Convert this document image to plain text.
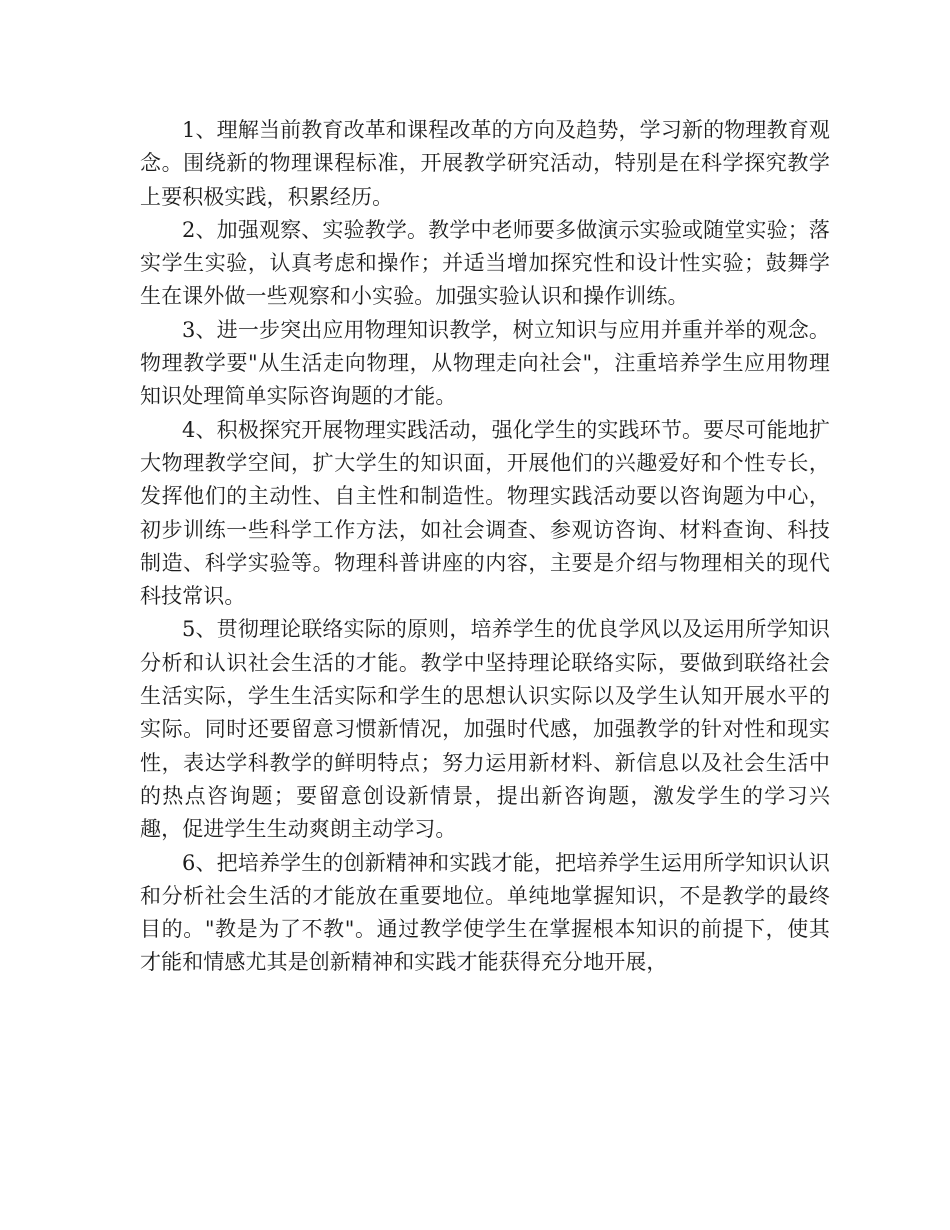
1、理解当前教育改革和课程改革的方向及趋势，学习新的物理教育观念。围绕新的物理课程标准，开展教学研究活动，特别是在科学探究教学上要积极实践，积累经历。

2、加强观察、实验教学。教学中老师要多做演示实验或随堂实验；落实学生实验，认真考虑和操作；并适当增加探究性和设计性实验；鼓舞学生在课外做一些观察和小实验。加强实验认识和操作训练。

3、进一步突出应用物理知识教学，树立知识与应用并重并举的观念。物理教学要"从生活走向物理，从物理走向社会"，注重培养学生应用物理知识处理简单实际咨询题的才能。

4、积极探究开展物理实践活动，强化学生的实践环节。要尽可能地扩大物理教学空间，扩大学生的知识面，开展他们的兴趣爱好和个性专长，发挥他们的主动性、自主性和制造性。物理实践活动要以咨询题为中心，初步训练一些科学工作方法，如社会调查、参观访咨询、材料查询、科技制造、科学实验等。物理科普讲座的内容，主要是介绍与物理相关的现代科技常识。

5、贯彻理论联络实际的原则，培养学生的优良学风以及运用所学知识分析和认识社会生活的才能。教学中坚持理论联络实际，要做到联络社会生活实际，学生生活实际和学生的思想认识实际以及学生认知开展水平的实际。同时还要留意习惯新情况，加强时代感，加强教学的针对性和现实性，表达学科教学的鲜明特点；努力运用新材料、新信息以及社会生活中的热点咨询题；要留意创设新情景，提出新咨询题，激发学生的学习兴趣，促进学生生动爽朗主动学习。

6、把培养学生的创新精神和实践才能，把培养学生运用所学知识认识和分析社会生活的才能放在重要地位。单纯地掌握知识，不是教学的最终目的。"教是为了不教"。通过教学使学生在掌握根本知识的前提下，使其才能和情感尤其是创新精神和实践才能获得充分地开展，
